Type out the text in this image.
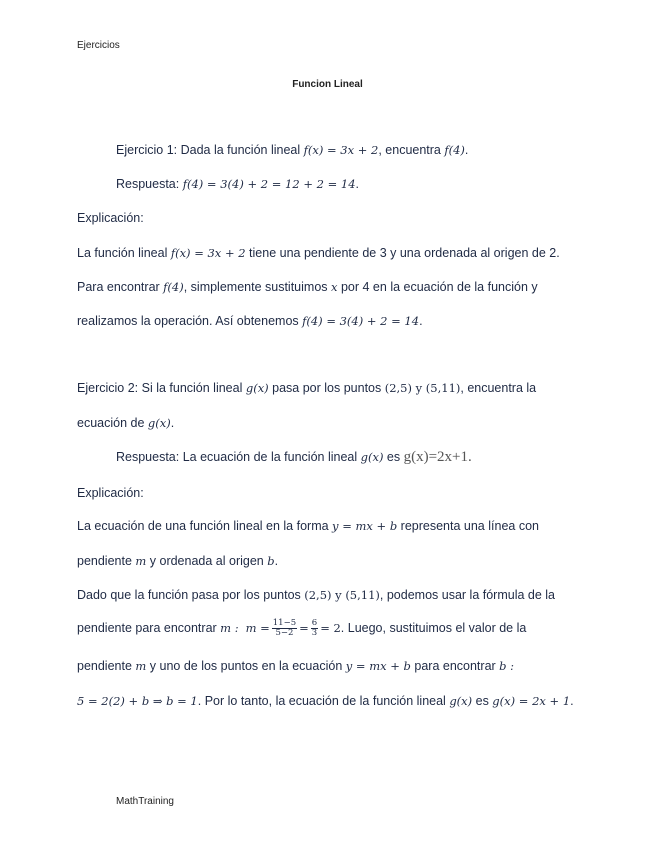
Ejercicios
Funcion Lineal
Ejercicio 1: Dada la función lineal f(x) = 3x + 2, encuentra f(4).
Respuesta: f(4) = 3(4) + 2 = 12 + 2 = 14.
Explicación:
La función lineal f(x) = 3x + 2 tiene una pendiente de 3 y una ordenada al origen de 2.
Para encontrar f(4), simplemente sustituimos x por 4 en la ecuación de la función y
realizamos la operación. Así obtenemos f(4) = 3(4) + 2 = 14.
Ejercicio 2: Si la función lineal g(x) pasa por los puntos (2,5) y (5,11), encuentra la
ecuación de g(x).
Respuesta: La ecuación de la función lineal g(x) es g(x)=2x+1.
Explicación:
La ecuación de una función lineal en la forma y = mx + b representa una línea con
pendiente m y ordenada al origen b.
Dado que la función pasa por los puntos (2,5) y (5,11), podemos usar la fórmula de la
pendiente para encontrar m : $m = \frac{11-5}{5-2} = \frac{6}{3} = 2$. Luego, sustituimos el valor de la
pendiente m y uno de los puntos en la ecuación y = mx + b para encontrar b :
5 = 2(2) + b ⇒ b = 1. Por lo tanto, la ecuación de la función lineal g(x) es g(x) = 2x + 1.
MathTraining
